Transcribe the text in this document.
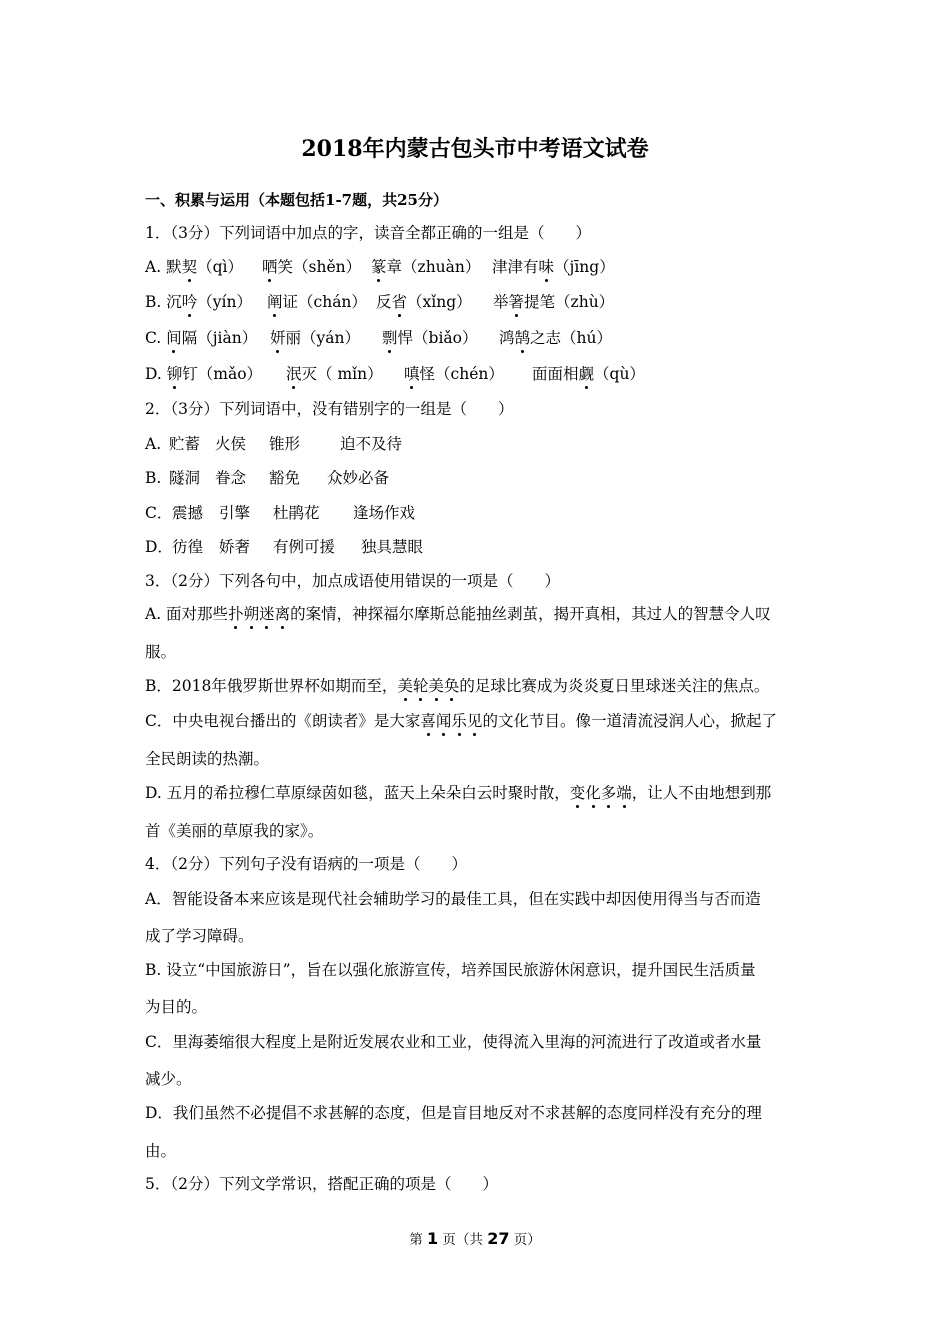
2018年内蒙古包头市中考语文试卷
一、积累与运用（本题包括1-7题，共25分）
1．（3分）下列词语中加点的字，读音全都正确的一组是（　　）
A. 默契（qì） 哂笑（shěn） 篆章（zhuàn） 津津有味（jīng）
B. 沉吟（yín） 阐证（chán） 反省（xǐng） 举箸提笔（zhù）
C. 间隔（jiàn） 妍丽（yán） 剽悍（biǎo） 鸿鹄之志（hú）
D. 铆钉（mǎo） 泯灭（ mǐn） 嗔怪（chén） 面面相觑（qù）
2．（3分）下列词语中，没有错别字的一组是（　　）
A. 贮蓄 火侯 锥形	迫不及待
B. 隧洞 眷念 豁免 众妙必备
C． 震撼 引擎 杜鹃花 逢场作戏
D． 彷徨 娇奢 有例可援 独具慧眼
3．（2分）下列各句中，加点成语使用错误的一项是（　　）
A. 面对那些扑朔迷离的案情，神探福尔摩斯总能抽丝剥茧，揭开真相，其过人的智慧令人叹
服。
B．2018年俄罗斯世界杯如期而至，美轮美奂的足球比赛成为炎炎夏日里球迷关注的焦点。
C．中央电视台播出的《朗读者》是大家喜闻乐见的文化节目。像一道清流浸润人心，掀起了
全民朗读的热潮。
D. 五月的希拉穆仁草原绿茵如毯，蓝天上朵朵白云时聚时散，变化多端，让人不由地想到那
首《美丽的草原我的家》。
4．（2分）下列句子没有语病的一项是（　　）
A．智能设备本来应该是现代社会辅助学习的最佳工具，但在实践中却因使用得当与否而造
成了学习障碍。
B. 设立“中国旅游日”，旨在以强化旅游宣传，培养国民旅游休闲意识，提升国民生活质量
为目的。
C．里海萎缩很大程度上是附近发展农业和工业，使得流入里海的河流进行了改道或者水量
减少。
D．我们虽然不必提倡不求甚解的态度，但是盲目地反对不求甚解的态度同样没有充分的理
由。
5．（2分）下列文学常识，搭配正确的项是（　　）
第 1 页（共 27 页）
